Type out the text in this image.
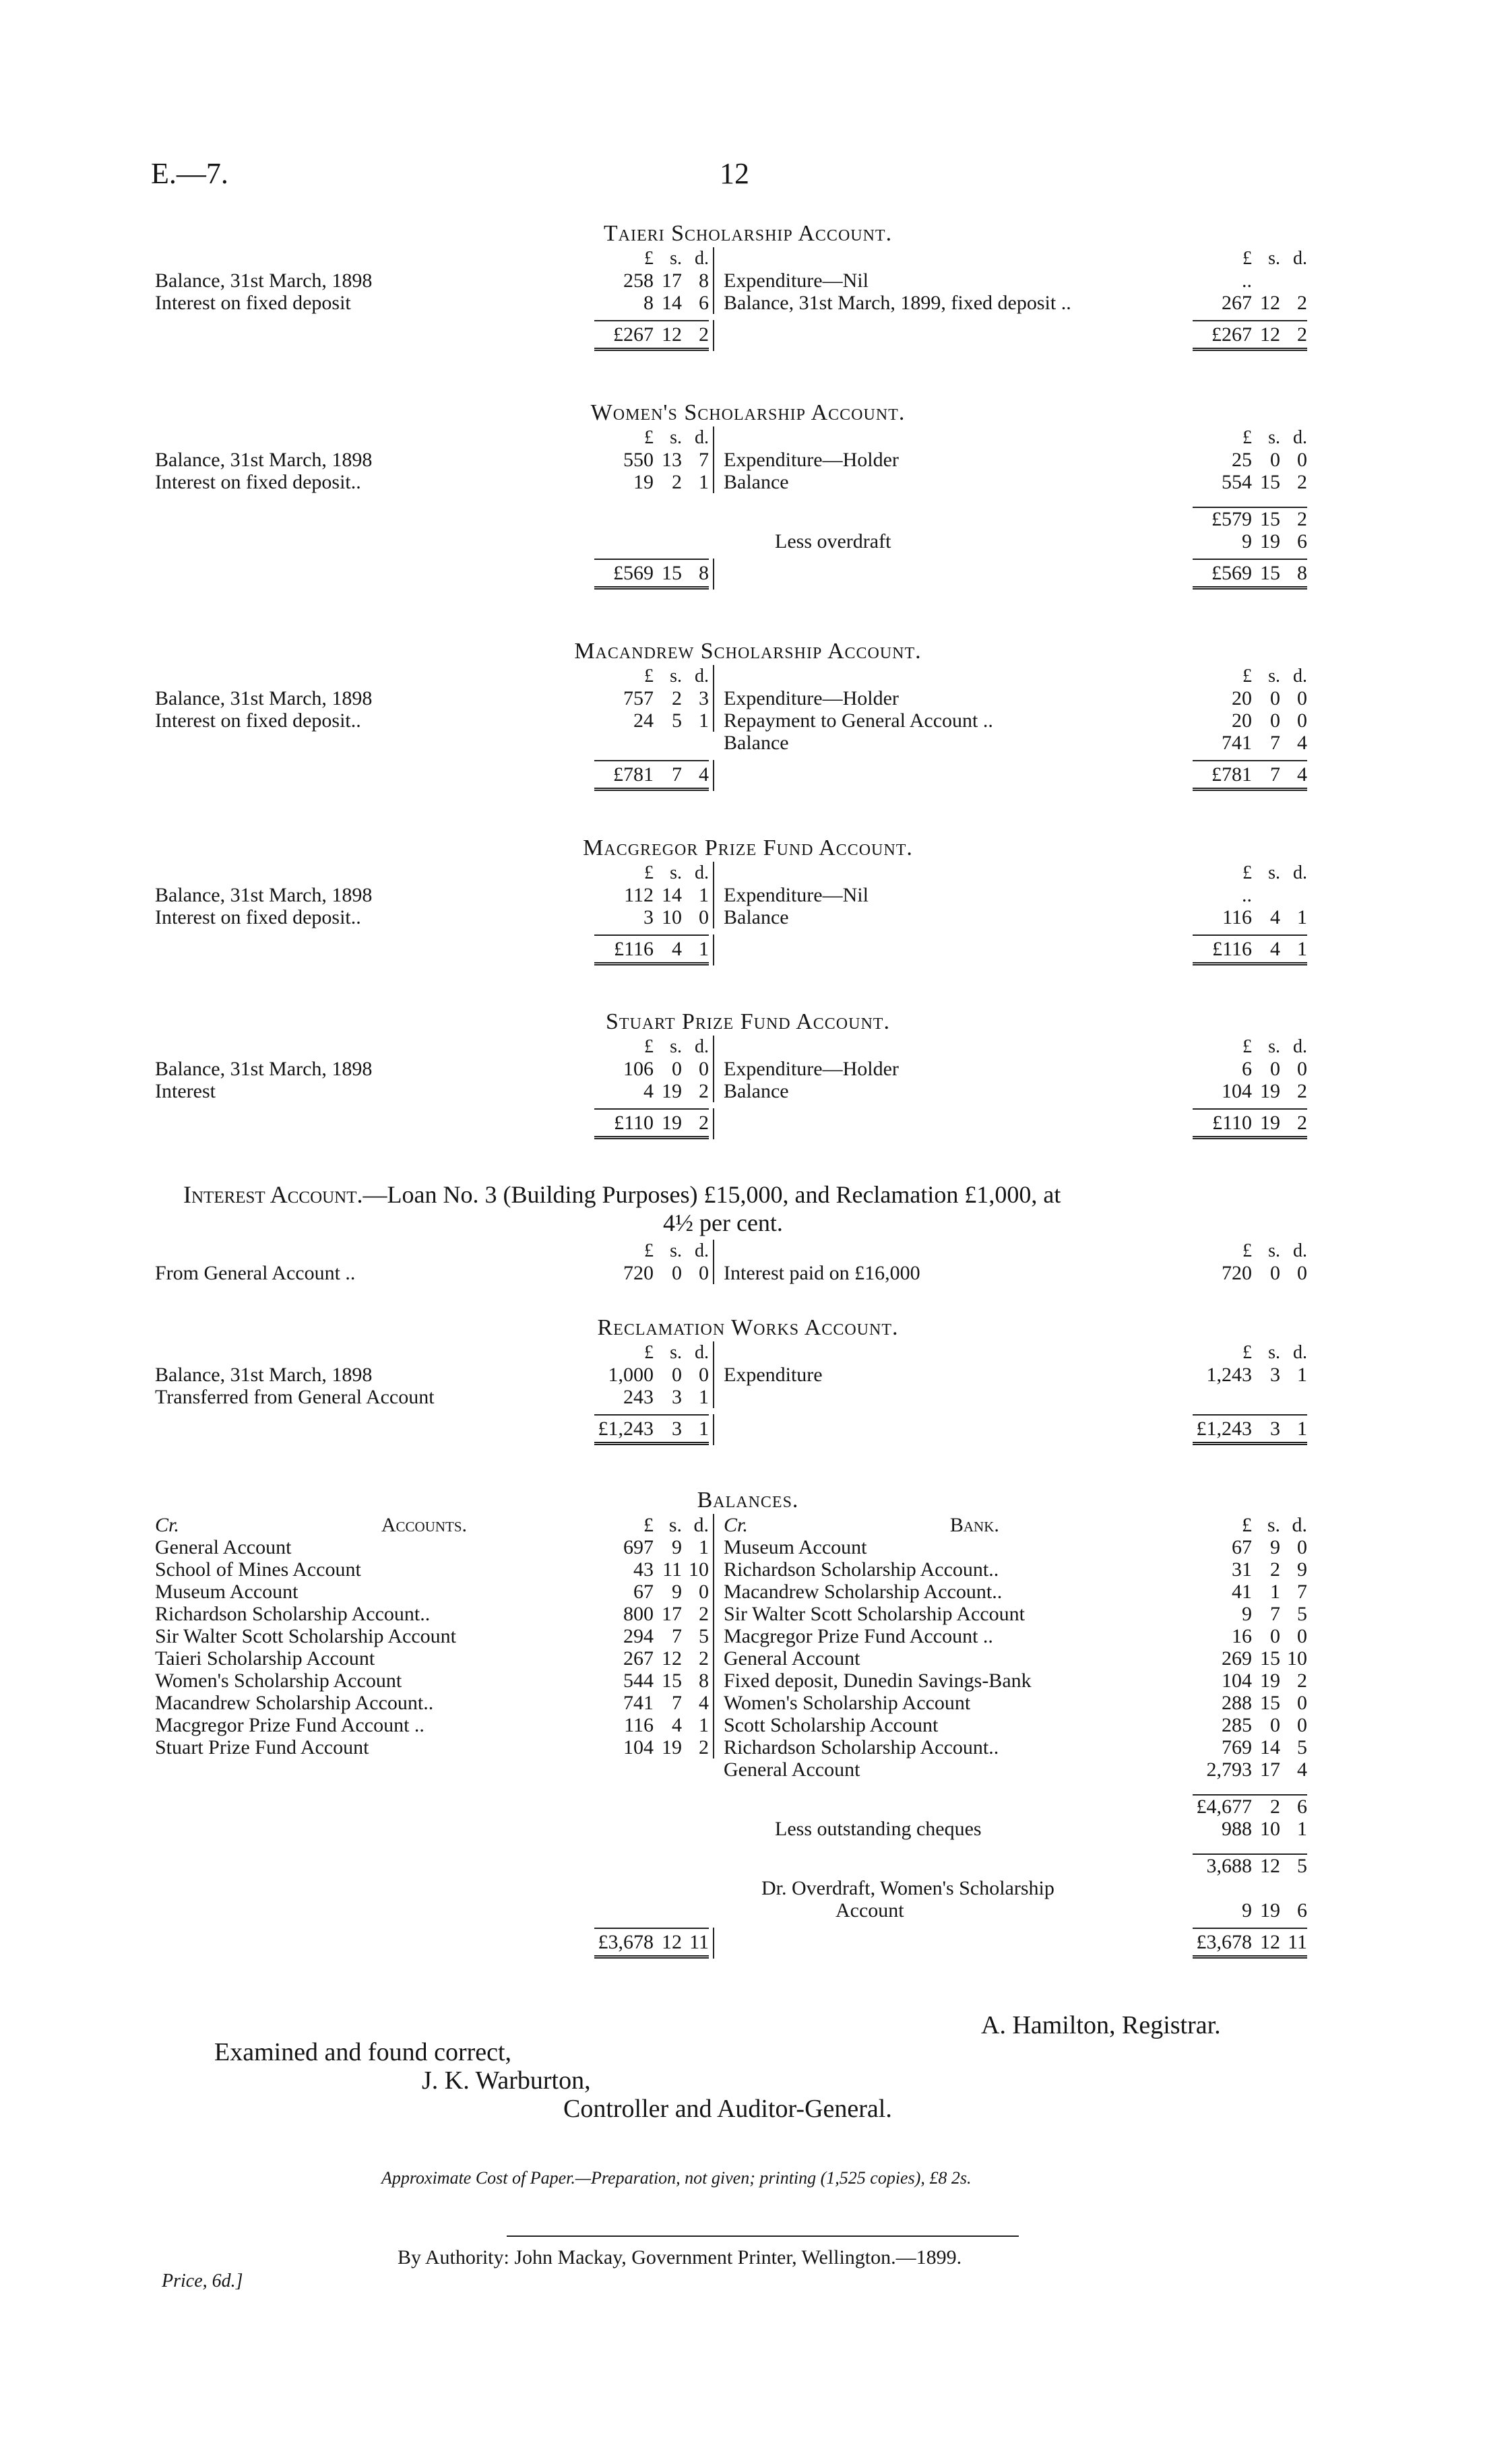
E.—7.	12
Taieri Scholarship Account.
£ s. d.	£ s. d.
Balance, 31st March, 1898	258 17 8 Expenditure—Nil	..
Interest on fixed deposit	8 14 6 Balance, 31st March, 1899, fixed deposit ..	267 12 2
£267 12 2	£267 12 2
Women's Scholarship Account.
£ s. d.	£ s. d.
Balance, 31st March, 1898	550 13 7 Expenditure—Holder	25 0 0
Interest on fixed deposit..	19 2 1 Balance	554 15 2
£579 15 2
Less overdraft	9 19 6
£569 15 8	£569 15 8
Macandrew Scholarship Account.
£ s. d.	£ s. d.
Balance, 31st March, 1898	757 2 3 Expenditure—Holder	20 0 0
Interest on fixed deposit..	24 5 1 Repayment to General Account ..	20 0 0
Balance	741 7 4
£781 7 4	£781 7 4
Macgregor Prize Fund Account.
£ s. d.	£ s. d.
Balance, 31st March, 1898	112 14 1 Expenditure—Nil	..
Interest on fixed deposit..	3 10 0 Balance	116 4 1
£116 4 1	£116 4 1
Stuart Prize Fund Account.
£ s. d.	£ s. d.
Balance, 31st March, 1898	106 0 0 Expenditure—Holder	6 0 0
Interest	4 19 2 Balance	104 19 2
£110 19 2	£110 19 2
Interest Account.—Loan No. 3 (Building Purposes) £15,000, and Reclamation £1,000, at
4½ per cent.
£ s. d.	£ s. d.
From General Account ..	720 0 0 Interest paid on £16,000	720 0 0
Reclamation Works Account.
£ s. d.	£ s. d.
Balance, 31st March, 1898	1,000 0 0 Expenditure	1,243 3 1
Transferred from General Account	243 3 1
£1,243 3 1	£1,243 3 1
Balances.
Cr.	Accounts.	£ s. d. Cr.	Bank.	£ s. d.
General Account	697 9 1 Museum Account	67 9 0
School of Mines Account	43 11 10 Richardson Scholarship Account..	31 2 9
Museum Account	67 9 0 Macandrew Scholarship Account..	41 1 7
Richardson Scholarship Account..	800 17 2 Sir Walter Scott Scholarship Account	9 7 5
Sir Walter Scott Scholarship Account	294 7 5 Macgregor Prize Fund Account ..	16 0 0
Taieri Scholarship Account	267 12 2 General Account	269 15 10
Women's Scholarship Account	544 15 8 Fixed deposit, Dunedin Savings-Bank	104 19 2
Macandrew Scholarship Account..	741 7 4 Women's Scholarship Account	288 15 0
Macgregor Prize Fund Account ..	116 4 1 Scott Scholarship Account	285 0 0
Stuart Prize Fund Account	104 19 2 Richardson Scholarship Account..	769 14 5
General Account	2,793 17 4
£4,677 2 6
Less outstanding cheques	988 10 1
3,688 12 5
Dr. Overdraft, Women's Scholarship
Account	9 19 6
£3,678 12 11	£3,678 12 11
A. Hamilton, Registrar.
Examined and found correct,
J. K. Warburton,
Controller and Auditor-General.
Approximate Cost of Paper.—Preparation, not given; printing (1,525 copies), £8 2s.
By Authority: John Mackay, Government Printer, Wellington.—1899.
Price, 6d.]
